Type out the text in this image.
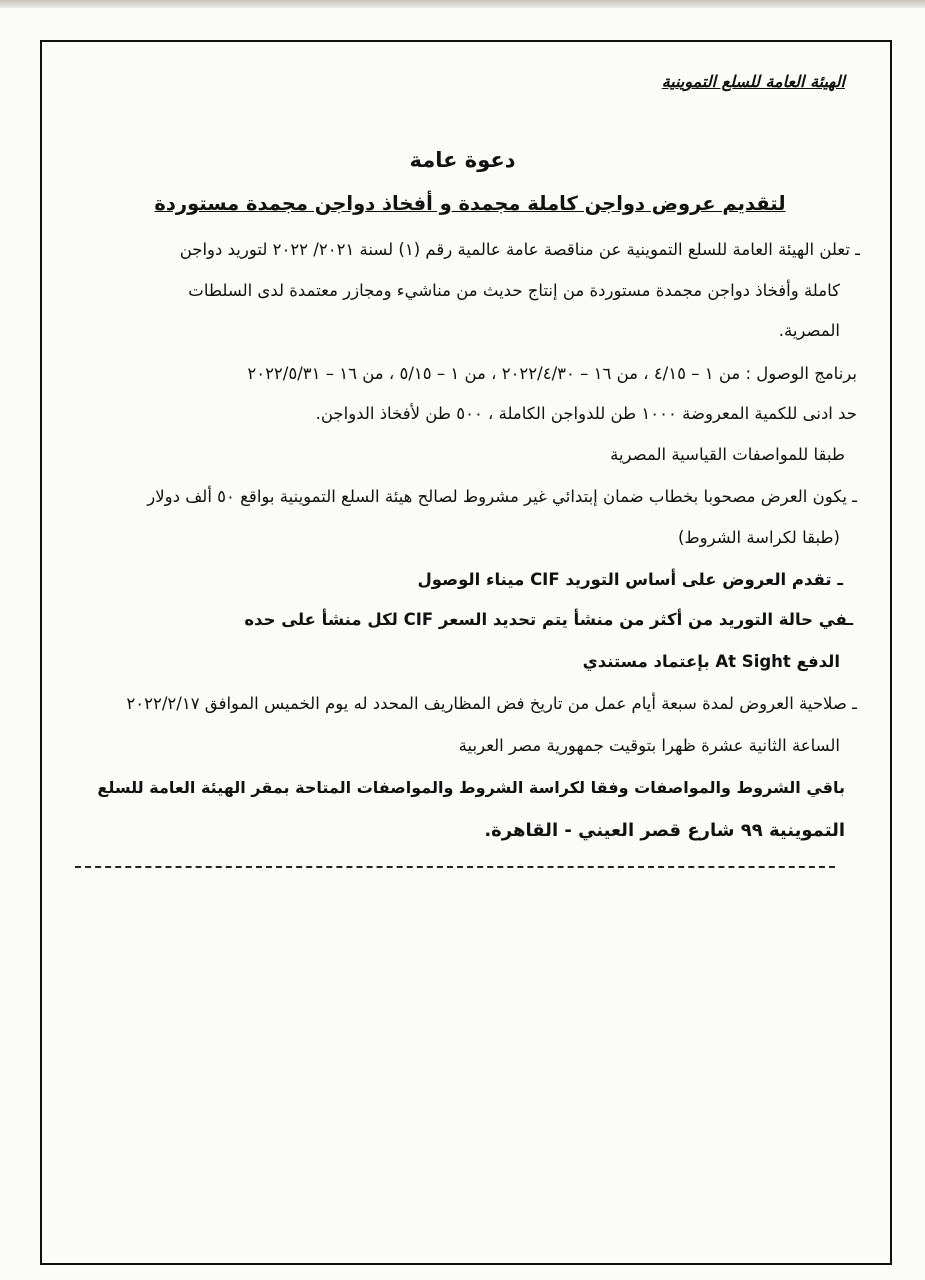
الهيئة العامة للسلع التموينية
دعوة عامة
لتقديم عروض دواجن كاملة مجمدة و أفخاذ دواجن مجمدة مستوردة
ـ تعلن الهيئة العامة للسلع التموينية عن مناقصة عامة عالمية رقم (١) لسنة ٢٠٢١/ ٢٠٢٢ لتوريد دواجن
كاملة وأفخاذ دواجن مجمدة مستوردة من إنتاج حديث من مناشيء ومجازر معتمدة لدى السلطات
المصرية.
برنامج الوصول : من ١ – ٤/١٥ ، من ١٦ – ٢٠٢٢/٤/٣٠ ، من ١ – ٥/١٥ ، من ١٦ – ٢٠٢٢/٥/٣١
حد ادنى للكمية المعروضة ١٠٠٠ طن للدواجن الكاملة ، ٥٠٠ طن لأفخاذ الدواجن.
طبقا للمواصفات القياسية المصرية
ـ يكون العرض مصحوبا بخطاب ضمان إبتدائي غير مشروط لصالح هيئة السلع التموينية بواقع ٥٠ ألف دولار
(طبقا لكراسة الشروط)
ـ تقدم العروض على أساس التوريد CIF ميناء الوصول
ـفي حالة التوريد من أكثر من منشأ يتم تحديد السعر CIF لكل منشأ على حده
الدفع At Sight بإعتماد مستندي
ـ صلاحية العروض لمدة سبعة أيام عمل من تاريخ فض المظاريف المحدد له يوم الخميس الموافق ٢٠٢٢/٢/١٧
الساعة الثانية عشرة ظهرا بتوقيت جمهورية مصر العربية
باقي الشروط والمواصفات وفقا لكراسة الشروط والمواصفات المتاحة بمقر الهيئة العامة للسلع
التموينية ٩٩ شارع قصر العيني - القاهرة.
